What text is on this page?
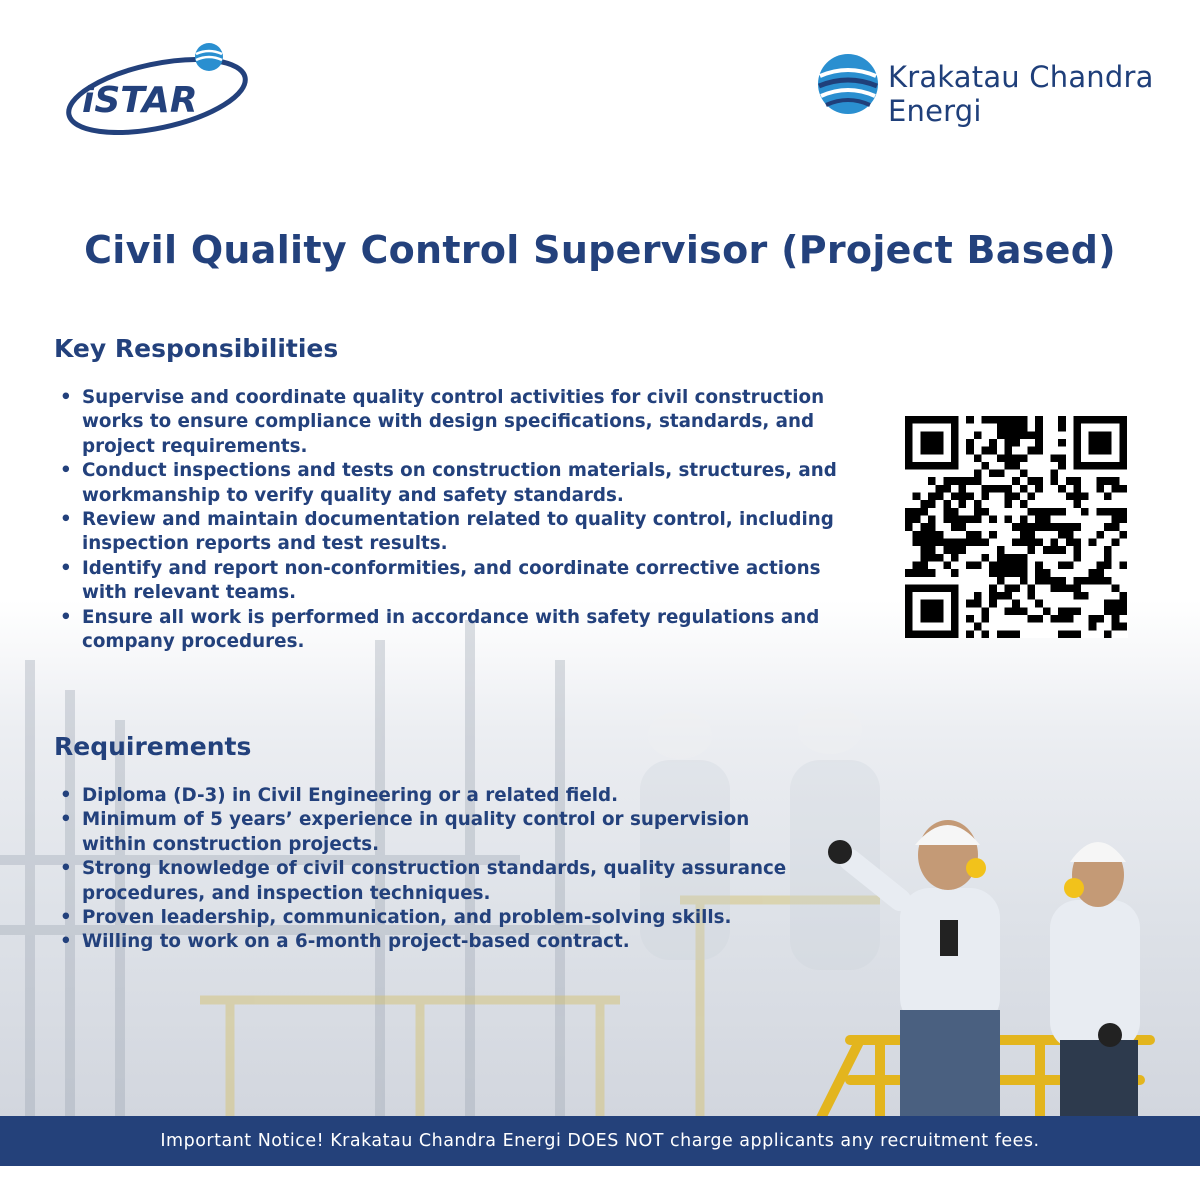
iSTAR
Krakatau Chandra
Energi
Civil Quality Control Supervisor (Project Based)
Key Responsibilities
• Supervise and coordinate quality control activities for civil construction works to ensure compliance with design specifications, standards, and project requirements.
• Conduct inspections and tests on construction materials, structures, and workmanship to verify quality and safety standards.
• Review and maintain documentation related to quality control, including inspection reports and test results.
• Identify and report non-conformities, and coordinate corrective actions with relevant teams.
• Ensure all work is performed in accordance with safety regulations and company procedures.
Requirements
• Diploma (D-3) in Civil Engineering or a related field.
• Minimum of 5 years’ experience in quality control or supervision within construction projects.
• Strong knowledge of civil construction standards, quality assurance procedures, and inspection techniques.
• Proven leadership, communication, and problem-solving skills.
• Willing to work on a 6-month project-based contract.
Important Notice! Krakatau Chandra Energi DOES NOT charge applicants any recruitment fees.
